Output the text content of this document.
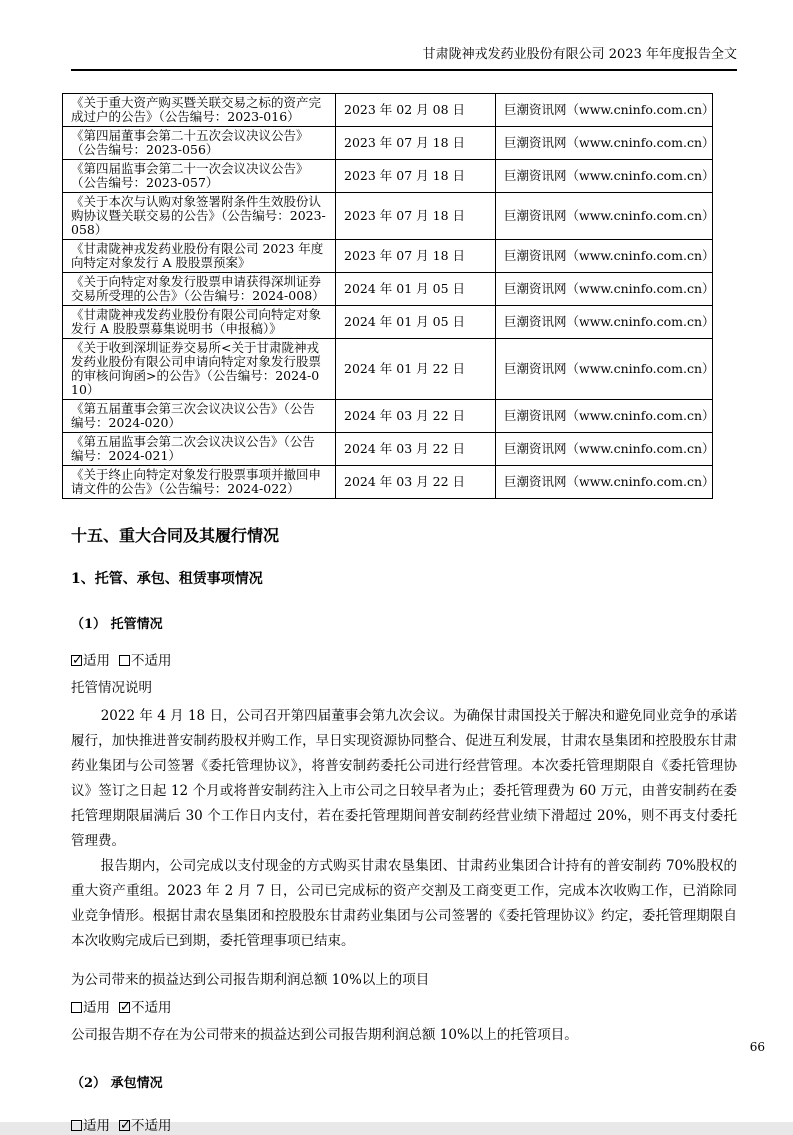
甘肃陇神戎发药业股份有限公司 2023 年年度报告全文
《关于重大资产购买暨关联交易之标的资产完成过户的公告》（公告编号：2023-016）	2023 年 02 月 08 日	巨潮资讯网（www.cninfo.com.cn）
《第四届董事会第二十五次会议决议公告》（公告编号：2023-056）	2023 年 07 月 18 日	巨潮资讯网（www.cninfo.com.cn）
《第四届监事会第二十一次会议决议公告》（公告编号：2023-057）	2023 年 07 月 18 日	巨潮资讯网（www.cninfo.com.cn）
《关于本次与认购对象签署附条件生效股份认购协议暨关联交易的公告》（公告编号：2023-058）	2023 年 07 月 18 日	巨潮资讯网（www.cninfo.com.cn）
《甘肃陇神戎发药业股份有限公司 2023 年度向特定对象发行 A 股股票预案》	2023 年 07 月 18 日	巨潮资讯网（www.cninfo.com.cn）
《关于向特定对象发行股票申请获得深圳证券交易所受理的公告》（公告编号：2024-008）	2024 年 01 月 05 日	巨潮资讯网（www.cninfo.com.cn）
《甘肃陇神戎发药业股份有限公司向特定对象发行 A 股股票募集说明书（申报稿）》	2024 年 01 月 05 日	巨潮资讯网（www.cninfo.com.cn）
《关于收到深圳证券交易所<关于甘肃陇神戎发药业股份有限公司申请向特定对象发行股票的审核问询函>的公告》（公告编号：2024-010）	2024 年 01 月 22 日	巨潮资讯网（www.cninfo.com.cn）
《第五届董事会第三次会议决议公告》（公告编号：2024-020）	2024 年 03 月 22 日	巨潮资讯网（www.cninfo.com.cn）
《第五届监事会第二次会议决议公告》（公告编号：2024-021）	2024 年 03 月 22 日	巨潮资讯网（www.cninfo.com.cn）
《关于终止向特定对象发行股票事项并撤回申请文件的公告》（公告编号：2024-022）	2024 年 03 月 22 日	巨潮资讯网（www.cninfo.com.cn）
十五、重大合同及其履行情况
1、托管、承包、租赁事项情况
（1） 托管情况
✓适用 不适用
托管情况说明

2022 年 4 月 18 日，公司召开第四届董事会第九次会议。为确保甘肃国投关于解决和避免同业竞争的承诺履行，加快推进普安制药股权并购工作，早日实现资源协同整合、促进互利发展，甘肃农垦集团和控股股东甘肃药业集团与公司签署《委托管理协议》，将普安制药委托公司进行经营管理。本次委托管理期限自《委托管理协议》签订之日起 12 个月或将普安制药注入上市公司之日较早者为止；委托管理费为 60 万元，由普安制药在委托管理期限届满后 30 个工作日内支付，若在委托管理期间普安制药经营业绩下滑超过 20%，则不再支付委托管理费。

报告期内，公司完成以支付现金的方式购买甘肃农垦集团、甘肃药业集团合计持有的普安制药 70%股权的重大资产重组。2023 年 2 月 7 日，公司已完成标的资产交割及工商变更工作，完成本次收购工作，已消除同业竞争情形。根据甘肃农垦集团和控股股东甘肃药业集团与公司签署的《委托管理协议》约定，委托管理期限自本次收购完成后已到期，委托管理事项已结束。

为公司带来的损益达到公司报告期利润总额 10%以上的项目

适用 ✓ 不适用

公司报告期不存在为公司带来的损益达到公司报告期利润总额 10%以上的托管项目。

（2） 承包情况
适用 ✓ 不适用
66
